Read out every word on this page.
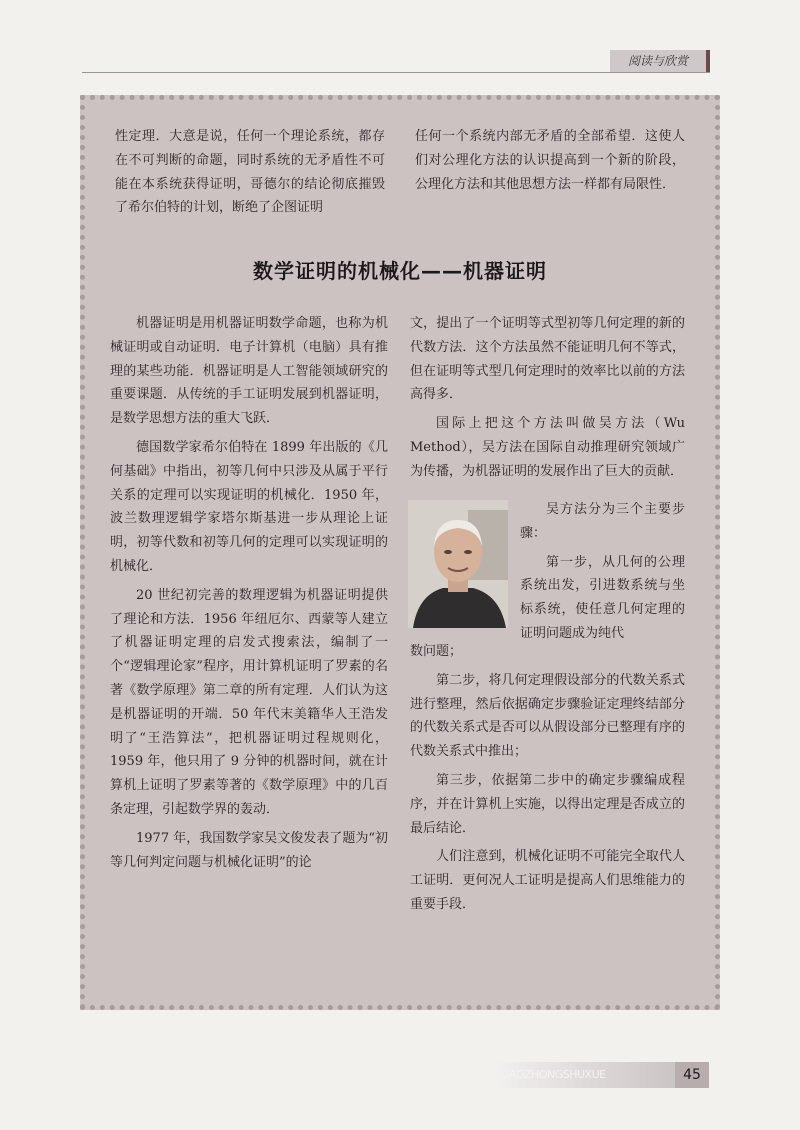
阅读与欣赏

性定理．大意是说，任何一个理论系统，都存在不可判断的命题，同时系统的无矛盾性不可能在本系统获得证明，哥德尔的结论彻底摧毁了希尔伯特的计划，断绝了企图证明

任何一个系统内部无矛盾的全部希望．这使人们对公理化方法的认识提高到一个新的阶段，公理化方法和其他思想方法一样都有局限性．

数学证明的机械化——机器证明

机器证明是用机器证明数学命题，也称为机械证明或自动证明．电子计算机（电脑）具有推理的某些功能．机器证明是人工智能领域研究的重要课题．从传统的手工证明发展到机器证明，是数学思想方法的重大飞跃．

德国数学家希尔伯特在 1899 年出版的《几何基础》中指出，初等几何中只涉及从属于平行关系的定理可以实现证明的机械化．1950 年，波兰数理逻辑学家塔尔斯基进一步从理论上证明，初等代数和初等几何的定理可以实现证明的机械化．

20 世纪初完善的数理逻辑为机器证明提供了理论和方法．1956 年纽厄尔、西蒙等人建立了机器证明定理的启发式搜索法，编制了一个“逻辑理论家”程序，用计算机证明了罗素的名著《数学原理》第二章的所有定理．人们认为这是机器证明的开端．50 年代末美籍华人王浩发明了“王浩算法”，把机器证明过程规则化，1959 年，他只用了 9 分钟的机器时间，就在计算机上证明了罗素等著的《数学原理》中的几百条定理，引起数学界的轰动．

1977 年，我国数学家吴文俊发表了题为“初等几何判定问题与机械化证明”的论

文，提出了一个证明等式型初等几何定理的新的代数方法．这个方法虽然不能证明几何不等式，但在证明等式型几何定理时的效率比以前的方法高得多．

国际上把这个方法叫做吴方法（Wu Method），吴方法在国际自动推理研究领域广为传播，为机器证明的发展作出了巨大的贡献．

吴方法分为三个主要步骤：

第一步，从几何的公理系统出发，引进数系统与坐标系统，使任意几何定理的证明问题成为纯代

数问题；

第二步，将几何定理假设部分的代数关系式进行整理，然后依据确定步骤验证定理终结部分的代数关系式是否可以从假设部分已整理有序的代数关系式中推出；

第三步，依据第二步中的确定步骤编成程序，并在计算机上实施，以得出定理是否成立的最后结论．

人们注意到，机械化证明不可能完全取代人工证明．更何况人工证明是提高人们思维能力的重要手段．

GAOZHONGSHUXUE	45
